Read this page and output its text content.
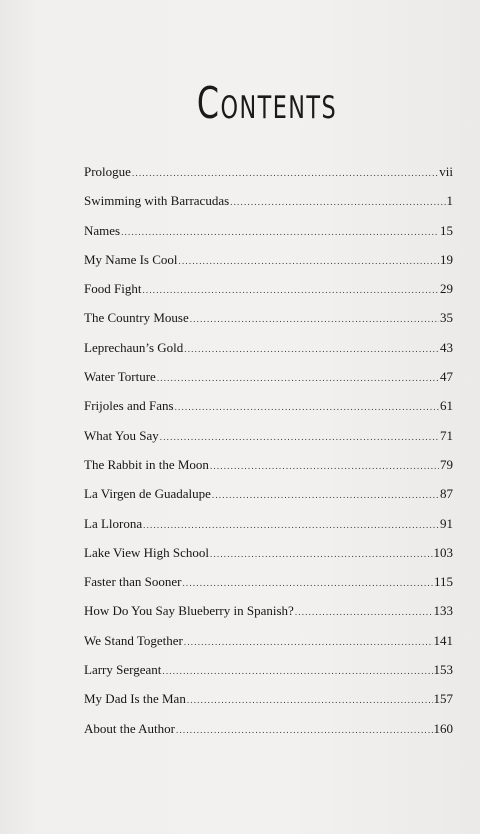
Contents
Prologue .....	vii
Swimming with Barracudas .....	1
Names .....	15
My Name Is Cool .....	19
Food Fight .....	29
The Country Mouse .....	35
Leprechaun’s Gold .....	43
Water Torture .....	47
Frijoles and Fans .....	61
What You Say .....	71
The Rabbit in the Moon .....	79
La Virgen de Guadalupe .....	87
La Llorona .....	91
Lake View High School .....	103
Faster than Sooner .....	115
How Do You Say Blueberry in Spanish? .....	133
We Stand Together .....	141
Larry Sergeant .....	153
My Dad Is the Man .....	157
About the Author .....	160
